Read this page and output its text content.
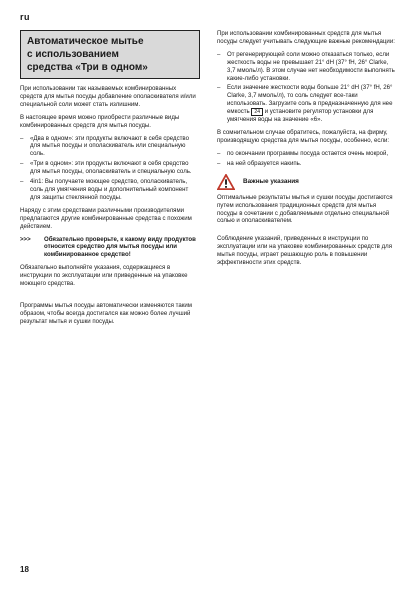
ru
Автоматическое мытье
с использованием
средства «Три в одном»

При использовании так называемых комбинированных средств для мытья посуды добавление ополаскивателя и/или специальной соли может стать излишним.

В настоящее время можно приобрести различные виды комбинированных средств для мытья посуды.

– «Два в одном»: эти продукты включают в себя средство для мытья посуды и ополаскиватель или специальную соль.
– «Три в одном»: эти продукты включают в себя средство для мытья посуды, ополаскиватель и специальную соль.
– 4in1: Вы получаете моющее средство, ополаскиватель, соль для умягчения воды и дополнительный компонент для защиты стеклянной посуды.

Наряду с этим средствами различными производителями предлагаются другие комбинированные средства с похожим действием.

>>> Обязательно проверьте, к какому виду продуктов относится средство для мытья посуды или комбинированное средство!

Обязательно выполняйте указания, содержащиеся в инструкции по эксплуатации или приведенные на упаковке моющего средства.

Программы мытья посуды автоматически изменяются таким образом, чтобы всегда достигался как можно более лучший результат мытья и сушки посуды.

При использовании комбинированных средств для мытья посуды следует учитывать следующие важные рекомендации:

– От регенерирующей соли можно отказаться только, если жесткость воды не превышает 21° dH (37° fH, 26° Clarke, 3,7 ммоль/л). В этом случае нет необходимости выполнять какие-либо установки.
– Если значение жесткости воды больше 21° dH (37° fH, 26° Clarke, 3,7 ммоль/л), то соль следует все-таки использовать. Загрузите соль в предназначенную для нее емкость 24 и установите регулятор установки для умягчения воды на значение «6».

В сомнительном случае обратитесь, пожалуйста, на фирму, производящую средства для мытья посуды, особенно, если:

– по окончании программы посуда остается очень мокрой,
– на ней образуется накипь.
Важные указания

Оптимальные результаты мытья и сушки посуды достигаются путем использования традиционных средств для мытья посуды в сочетании с добавляемыми отдельно специальной солью и ополаскивателем.

Соблюдение указаний, приведенных в инструкции по эксплуатации или на упаковке комбинированных средств для мытья посуды, играет решающую роль в повышении эффективности этих средств.

18
